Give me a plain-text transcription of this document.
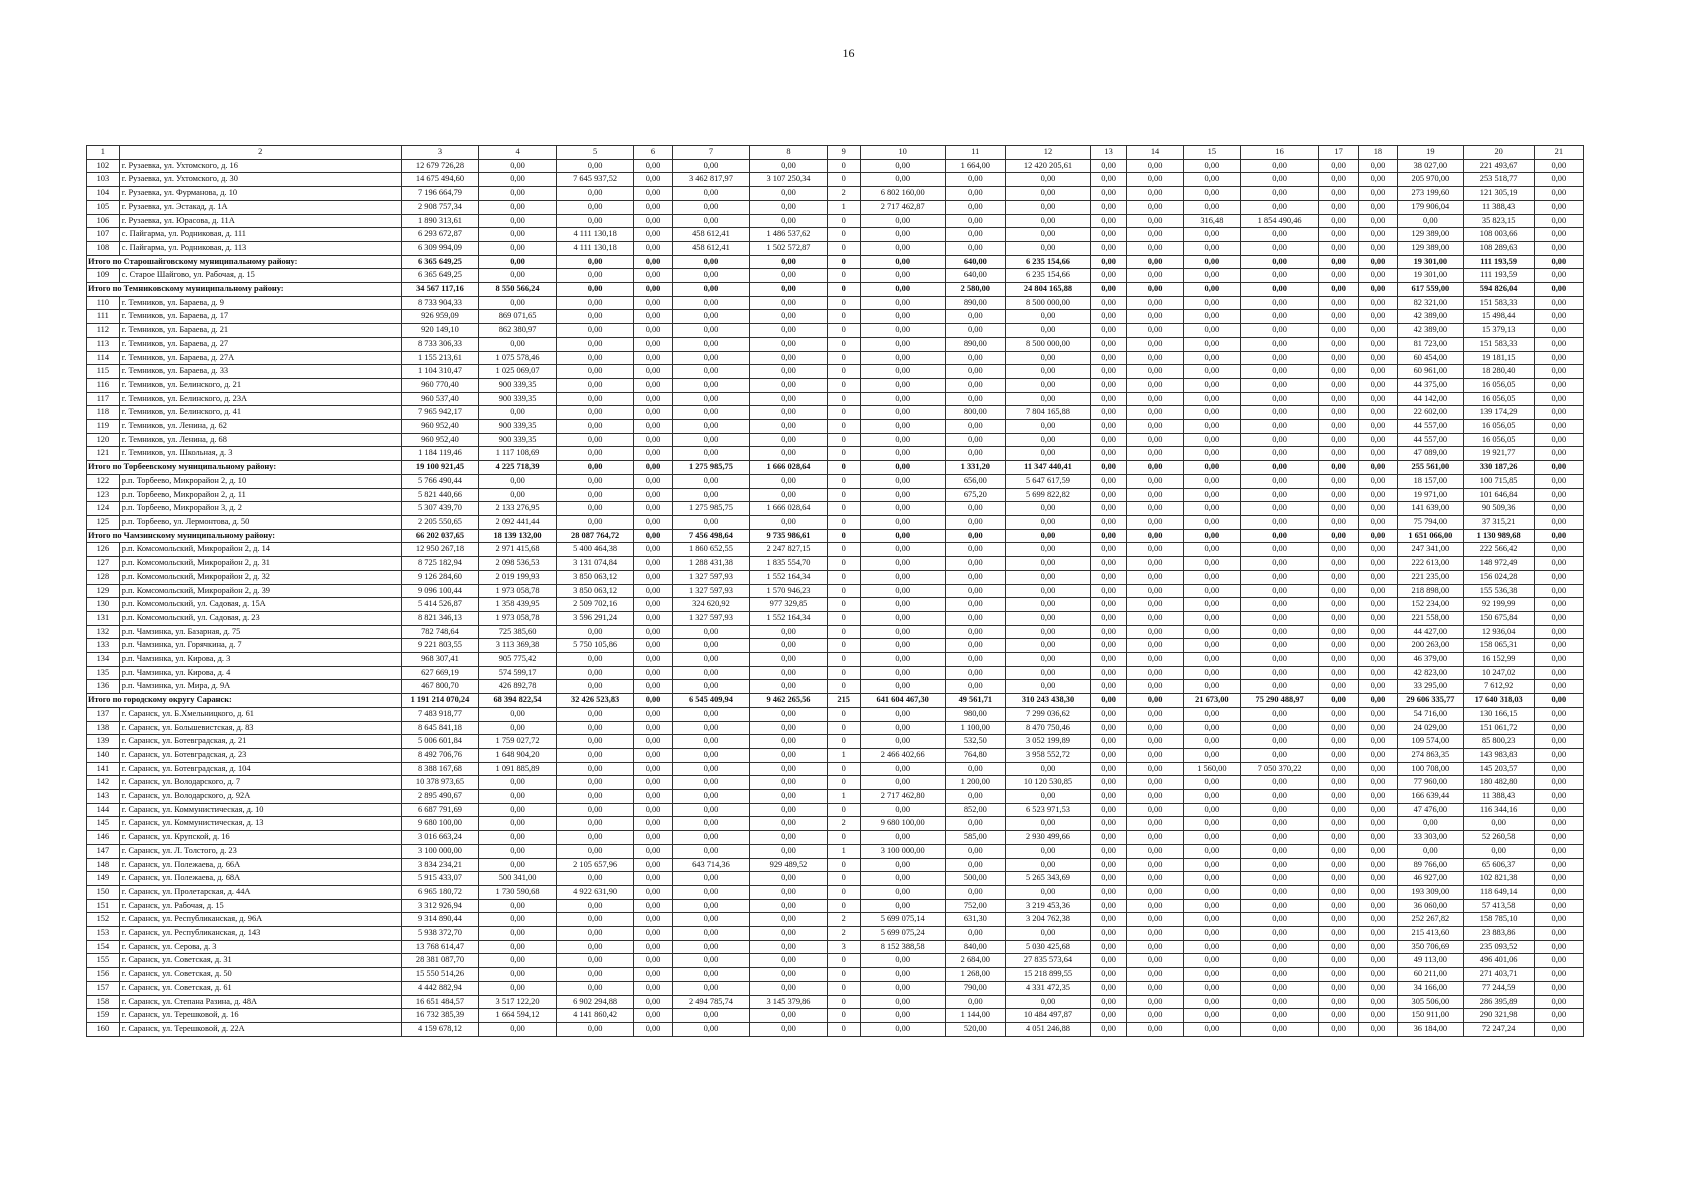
16
1	2	3	4	5	6	7	8	9	10	11	12	13	14	15	16	17	18	19	20	21
102	г. Рузаевка, ул. Ухтомского, д. 16	12 679 726,28	0,00	0,00	0,00	0,00	0,00	0	0,00	1 664,00	12 420 205,61	0,00	0,00	0,00	0,00	0,00	0,00	38 027,00	221 493,67	0,00
103	г. Рузаевка, ул. Ухтомского, д. 30	14 675 494,60	0,00	7 645 937,52	0,00	3 462 817,97	3 107 250,34	0	0,00	0,00	0,00	0,00	0,00	0,00	0,00	0,00	0,00	205 970,00	253 518,77	0,00
104	г. Рузаевка, ул. Фурманова, д. 10	7 196 664,79	0,00	0,00	0,00	0,00	0,00	2	6 802 160,00	0,00	0,00	0,00	0,00	0,00	0,00	0,00	0,00	273 199,60	121 305,19	0,00
105	г. Рузаевка, ул. Эстакад, д. 1А	2 908 757,34	0,00	0,00	0,00	0,00	0,00	1	2 717 462,87	0,00	0,00	0,00	0,00	0,00	0,00	0,00	0,00	179 906,04	11 388,43	0,00
106	г. Рузаевка, ул. Юрасова, д. 11А	1 890 313,61	0,00	0,00	0,00	0,00	0,00	0	0,00	0,00	0,00	0,00	0,00	316,48	1 854 490,46	0,00	0,00	0,00	35 823,15	0,00
107	с. Пайгарма, ул. Родниковая, д. 111	6 293 672,87	0,00	4 111 130,18	0,00	458 612,41	1 486 537,62	0	0,00	0,00	0,00	0,00	0,00	0,00	0,00	0,00	0,00	129 389,00	108 003,66	0,00
108	с. Пайгарма, ул. Родниковая, д. 113	6 309 994,09	0,00	4 111 130,18	0,00	458 612,41	1 502 572,87	0	0,00	0,00	0,00	0,00	0,00	0,00	0,00	0,00	0,00	129 389,00	108 289,63	0,00
Итого по Старошайговскому муниципальному району:		6 365 649,25	0,00	0,00	0,00	0,00	0,00	0	0,00	640,00	6 235 154,66	0,00	0,00	0,00	0,00	0,00	0,00	19 301,00	111 193,59	0,00
109	с. Старое Шайгово, ул. Рабочая, д. 15	6 365 649,25	0,00	0,00	0,00	0,00	0,00	0	0,00	640,00	6 235 154,66	0,00	0,00	0,00	0,00	0,00	0,00	19 301,00	111 193,59	0,00
Итого по Темниковскому муниципальному району:		34 567 117,16	8 550 566,24	0,00	0,00	0,00	0,00	0	0,00	2 580,00	24 804 165,88	0,00	0,00	0,00	0,00	0,00	0,00	617 559,00	594 826,04	0,00
110	г. Темников, ул. Бараева, д. 9	8 733 904,33	0,00	0,00	0,00	0,00	0,00	0	0,00	890,00	8 500 000,00	0,00	0,00	0,00	0,00	0,00	0,00	82 321,00	151 583,33	0,00
111	г. Темников, ул. Бараева, д. 17	926 959,09	869 071,65	0,00	0,00	0,00	0,00	0	0,00	0,00	0,00	0,00	0,00	0,00	0,00	0,00	0,00	42 389,00	15 498,44	0,00
112	г. Темников, ул. Бараева, д. 21	920 149,10	862 380,97	0,00	0,00	0,00	0,00	0	0,00	0,00	0,00	0,00	0,00	0,00	0,00	0,00	0,00	42 389,00	15 379,13	0,00
113	г. Темников, ул. Бараева, д. 27	8 733 306,33	0,00	0,00	0,00	0,00	0,00	0	0,00	890,00	8 500 000,00	0,00	0,00	0,00	0,00	0,00	0,00	81 723,00	151 583,33	0,00
114	г. Темников, ул. Бараева, д. 27А	1 155 213,61	1 075 578,46	0,00	0,00	0,00	0,00	0	0,00	0,00	0,00	0,00	0,00	0,00	0,00	0,00	0,00	60 454,00	19 181,15	0,00
115	г. Темников, ул. Бараева, д. 33	1 104 310,47	1 025 069,07	0,00	0,00	0,00	0,00	0	0,00	0,00	0,00	0,00	0,00	0,00	0,00	0,00	0,00	60 961,00	18 280,40	0,00
116	г. Темников, ул. Белинского, д. 21	960 770,40	900 339,35	0,00	0,00	0,00	0,00	0	0,00	0,00	0,00	0,00	0,00	0,00	0,00	0,00	0,00	44 375,00	16 056,05	0,00
117	г. Темников, ул. Белинского, д. 23А	960 537,40	900 339,35	0,00	0,00	0,00	0,00	0	0,00	0,00	0,00	0,00	0,00	0,00	0,00	0,00	0,00	44 142,00	16 056,05	0,00
118	г. Темников, ул. Белинского, д. 41	7 965 942,17	0,00	0,00	0,00	0,00	0,00	0	0,00	800,00	7 804 165,88	0,00	0,00	0,00	0,00	0,00	0,00	22 602,00	139 174,29	0,00
119	г. Темников, ул. Ленина, д. 62	960 952,40	900 339,35	0,00	0,00	0,00	0,00	0	0,00	0,00	0,00	0,00	0,00	0,00	0,00	0,00	0,00	44 557,00	16 056,05	0,00
120	г. Темников, ул. Ленина, д. 68	960 952,40	900 339,35	0,00	0,00	0,00	0,00	0	0,00	0,00	0,00	0,00	0,00	0,00	0,00	0,00	0,00	44 557,00	16 056,05	0,00
121	г. Темников, ул. Школьная, д. 3	1 184 119,46	1 117 108,69	0,00	0,00	0,00	0,00	0	0,00	0,00	0,00	0,00	0,00	0,00	0,00	0,00	0,00	47 089,00	19 921,77	0,00
Итого по Торбеевскому муниципальному району:		19 100 921,45	4 225 718,39	0,00	0,00	1 275 985,75	1 666 028,64	0	0,00	1 331,20	11 347 440,41	0,00	0,00	0,00	0,00	0,00	0,00	255 561,00	330 187,26	0,00
122	р.п. Торбеево, Микрорайон 2, д. 10	5 766 490,44	0,00	0,00	0,00	0,00	0,00	0	0,00	656,00	5 647 617,59	0,00	0,00	0,00	0,00	0,00	0,00	18 157,00	100 715,85	0,00
123	р.п. Торбеево, Микрорайон 2, д. 11	5 821 440,66	0,00	0,00	0,00	0,00	0,00	0	0,00	675,20	5 699 822,82	0,00	0,00	0,00	0,00	0,00	0,00	19 971,00	101 646,84	0,00
124	р.п. Торбеево, Микрорайон 3, д. 2	5 307 439,70	2 133 276,95	0,00	0,00	1 275 985,75	1 666 028,64	0	0,00	0,00	0,00	0,00	0,00	0,00	0,00	0,00	0,00	141 639,00	90 509,36	0,00
125	р.п. Торбеево, ул. Лермонтова, д. 50	2 205 550,65	2 092 441,44	0,00	0,00	0,00	0,00	0	0,00	0,00	0,00	0,00	0,00	0,00	0,00	0,00	0,00	75 794,00	37 315,21	0,00
Итого по Чамзинскому муниципальному району:		66 202 037,65	18 139 132,00	28 087 764,72	0,00	7 456 498,64	9 735 986,61	0	0,00	0,00	0,00	0,00	0,00	0,00	0,00	0,00	0,00	1 651 066,00	1 130 989,68	0,00
126	р.п. Комсомольский, Микрорайон 2, д. 14	12 950 267,18	2 971 415,68	5 400 464,38	0,00	1 860 652,55	2 247 827,15	0	0,00	0,00	0,00	0,00	0,00	0,00	0,00	0,00	0,00	247 341,00	222 566,42	0,00
127	р.п. Комсомольский, Микрорайон 2, д. 31	8 725 182,94	2 098 536,53	3 131 074,84	0,00	1 288 431,38	1 835 554,70	0	0,00	0,00	0,00	0,00	0,00	0,00	0,00	0,00	0,00	222 613,00	148 972,49	0,00
128	р.п. Комсомольский, Микрорайон 2, д. 32	9 126 284,60	2 019 199,93	3 850 063,12	0,00	1 327 597,93	1 552 164,34	0	0,00	0,00	0,00	0,00	0,00	0,00	0,00	0,00	0,00	221 235,00	156 024,28	0,00
129	р.п. Комсомольский, Микрорайон 2, д. 39	9 096 100,44	1 973 058,78	3 850 063,12	0,00	1 327 597,93	1 570 946,23	0	0,00	0,00	0,00	0,00	0,00	0,00	0,00	0,00	0,00	218 898,00	155 536,38	0,00
130	р.п. Комсомольский, ул. Садовая, д. 15А	5 414 526,87	1 358 439,95	2 509 702,16	0,00	324 620,92	977 329,85	0	0,00	0,00	0,00	0,00	0,00	0,00	0,00	0,00	0,00	152 234,00	92 199,99	0,00
131	р.п. Комсомольский, ул. Садовая, д. 23	8 821 346,13	1 973 058,78	3 596 291,24	0,00	1 327 597,93	1 552 164,34	0	0,00	0,00	0,00	0,00	0,00	0,00	0,00	0,00	0,00	221 558,00	150 675,84	0,00
132	р.п. Чамзинка, ул. Базарная, д. 75	782 748,64	725 385,60	0,00	0,00	0,00	0,00	0	0,00	0,00	0,00	0,00	0,00	0,00	0,00	0,00	0,00	44 427,00	12 936,04	0,00
133	р.п. Чамзинка, ул. Горячкина, д. 7	9 221 803,55	3 113 369,38	5 750 105,86	0,00	0,00	0,00	0	0,00	0,00	0,00	0,00	0,00	0,00	0,00	0,00	0,00	200 263,00	158 065,31	0,00
134	р.п. Чамзинка, ул. Кирова, д. 3	968 307,41	905 775,42	0,00	0,00	0,00	0,00	0	0,00	0,00	0,00	0,00	0,00	0,00	0,00	0,00	0,00	46 379,00	16 152,99	0,00
135	р.п. Чамзинка, ул. Кирова, д. 4	627 669,19	574 599,17	0,00	0,00	0,00	0,00	0	0,00	0,00	0,00	0,00	0,00	0,00	0,00	0,00	0,00	42 823,00	10 247,02	0,00
136	р.п. Чамзинка, ул. Мира, д. 9А	467 800,70	426 892,78	0,00	0,00	0,00	0,00	0	0,00	0,00	0,00	0,00	0,00	0,00	0,00	0,00	0,00	33 295,00	7 612,92	0,00
Итого по городскому округу Саранск:		1 191 214 070,24	68 394 822,54	32 426 523,83	0,00	6 545 409,94	9 462 265,56	215	641 604 467,30	49 561,71	310 243 438,30	0,00	0,00	21 673,00	75 290 488,97	0,00	0,00	29 606 335,77	17 640 318,03	0,00
137	г. Саранск, ул. Б.Хмельницкого, д. 61	7 483 918,77	0,00	0,00	0,00	0,00	0,00	0	0,00	980,00	7 299 036,62	0,00	0,00	0,00	0,00	0,00	0,00	54 716,00	130 166,15	0,00
138	г. Саранск, ул. Большевистская, д. 83	8 645 841,18	0,00	0,00	0,00	0,00	0,00	0	0,00	1 100,00	8 470 750,46	0,00	0,00	0,00	0,00	0,00	0,00	24 029,00	151 061,72	0,00
139	г. Саранск, ул. Ботевградская, д. 21	5 006 601,84	1 759 027,72	0,00	0,00	0,00	0,00	0	0,00	532,50	3 052 199,89	0,00	0,00	0,00	0,00	0,00	0,00	109 574,00	85 800,23	0,00
140	г. Саранск, ул. Ботевградская, д. 23	8 492 706,76	1 648 904,20	0,00	0,00	0,00	0,00	1	2 466 402,66	764,80	3 958 552,72	0,00	0,00	0,00	0,00	0,00	0,00	274 863,35	143 983,83	0,00
141	г. Саранск, ул. Ботевградская, д. 104	8 388 167,68	1 091 885,89	0,00	0,00	0,00	0,00	0	0,00	0,00	0,00	0,00	0,00	1 560,00	7 050 370,22	0,00	0,00	100 708,00	145 203,57	0,00
142	г. Саранск, ул. Володарского, д. 7	10 378 973,65	0,00	0,00	0,00	0,00	0,00	0	0,00	1 200,00	10 120 530,85	0,00	0,00	0,00	0,00	0,00	0,00	77 960,00	180 482,80	0,00
143	г. Саранск, ул. Володарского, д. 92А	2 895 490,67	0,00	0,00	0,00	0,00	0,00	1	2 717 462,80	0,00	0,00	0,00	0,00	0,00	0,00	0,00	0,00	166 639,44	11 388,43	0,00
144	г. Саранск, ул. Коммунистическая, д. 10	6 687 791,69	0,00	0,00	0,00	0,00	0,00	0	0,00	852,00	6 523 971,53	0,00	0,00	0,00	0,00	0,00	0,00	47 476,00	116 344,16	0,00
145	г. Саранск, ул. Коммунистическая, д. 13	9 680 100,00	0,00	0,00	0,00	0,00	0,00	2	9 680 100,00	0,00	0,00	0,00	0,00	0,00	0,00	0,00	0,00	0,00	0,00	0,00
146	г. Саранск, ул. Крупской, д. 16	3 016 663,24	0,00	0,00	0,00	0,00	0,00	0	0,00	585,00	2 930 499,66	0,00	0,00	0,00	0,00	0,00	0,00	33 303,00	52 260,58	0,00
147	г. Саранск, ул. Л. Толстого, д. 23	3 100 000,00	0,00	0,00	0,00	0,00	0,00	1	3 100 000,00	0,00	0,00	0,00	0,00	0,00	0,00	0,00	0,00	0,00	0,00	0,00
148	г. Саранск, ул. Полежаева, д. 66А	3 834 234,21	0,00	2 105 657,96	0,00	643 714,36	929 489,52	0	0,00	0,00	0,00	0,00	0,00	0,00	0,00	0,00	0,00	89 766,00	65 606,37	0,00
149	г. Саранск, ул. Полежаева, д. 68А	5 915 433,07	500 341,00	0,00	0,00	0,00	0,00	0	0,00	500,00	5 265 343,69	0,00	0,00	0,00	0,00	0,00	0,00	46 927,00	102 821,38	0,00
150	г. Саранск, ул. Пролетарская, д. 44А	6 965 180,72	1 730 590,68	4 922 631,90	0,00	0,00	0,00	0	0,00	0,00	0,00	0,00	0,00	0,00	0,00	0,00	0,00	193 309,00	118 649,14	0,00
151	г. Саранск, ул. Рабочая, д. 15	3 312 926,94	0,00	0,00	0,00	0,00	0,00	0	0,00	752,00	3 219 453,36	0,00	0,00	0,00	0,00	0,00	0,00	36 060,00	57 413,58	0,00
152	г. Саранск, ул. Республиканская, д. 96А	9 314 890,44	0,00	0,00	0,00	0,00	0,00	2	5 699 075,14	631,30	3 204 762,38	0,00	0,00	0,00	0,00	0,00	0,00	252 267,82	158 785,10	0,00
153	г. Саранск, ул. Республиканская, д. 143	5 938 372,70	0,00	0,00	0,00	0,00	0,00	2	5 699 075,24	0,00	0,00	0,00	0,00	0,00	0,00	0,00	0,00	215 413,60	23 883,86	0,00
154	г. Саранск, ул. Серова, д. 3	13 768 614,47	0,00	0,00	0,00	0,00	0,00	3	8 152 388,58	840,00	5 030 425,68	0,00	0,00	0,00	0,00	0,00	0,00	350 706,69	235 093,52	0,00
155	г. Саранск, ул. Советская, д. 31	28 381 087,70	0,00	0,00	0,00	0,00	0,00	0	0,00	2 684,00	27 835 573,64	0,00	0,00	0,00	0,00	0,00	0,00	49 113,00	496 401,06	0,00
156	г. Саранск, ул. Советская, д. 50	15 550 514,26	0,00	0,00	0,00	0,00	0,00	0	0,00	1 268,00	15 218 899,55	0,00	0,00	0,00	0,00	0,00	0,00	60 211,00	271 403,71	0,00
157	г. Саранск, ул. Советская, д. 61	4 442 882,94	0,00	0,00	0,00	0,00	0,00	0	0,00	790,00	4 331 472,35	0,00	0,00	0,00	0,00	0,00	0,00	34 166,00	77 244,59	0,00
158	г. Саранск, ул. Степана Разина, д. 48А	16 651 484,57	3 517 122,20	6 902 294,88	0,00	2 494 785,74	3 145 379,86	0	0,00	0,00	0,00	0,00	0,00	0,00	0,00	0,00	0,00	305 506,00	286 395,89	0,00
159	г. Саранск, ул. Терешковой, д. 16	16 732 385,39	1 664 594,12	4 141 860,42	0,00	0,00	0,00	0	0,00	1 144,00	10 484 497,87	0,00	0,00	0,00	0,00	0,00	0,00	150 911,00	290 321,98	0,00
160	г. Саранск, ул. Терешковой, д. 22А	4 159 678,12	0,00	0,00	0,00	0,00	0,00	0	0,00	520,00	4 051 246,88	0,00	0,00	0,00	0,00	0,00	0,00	36 184,00	72 247,24	0,00
